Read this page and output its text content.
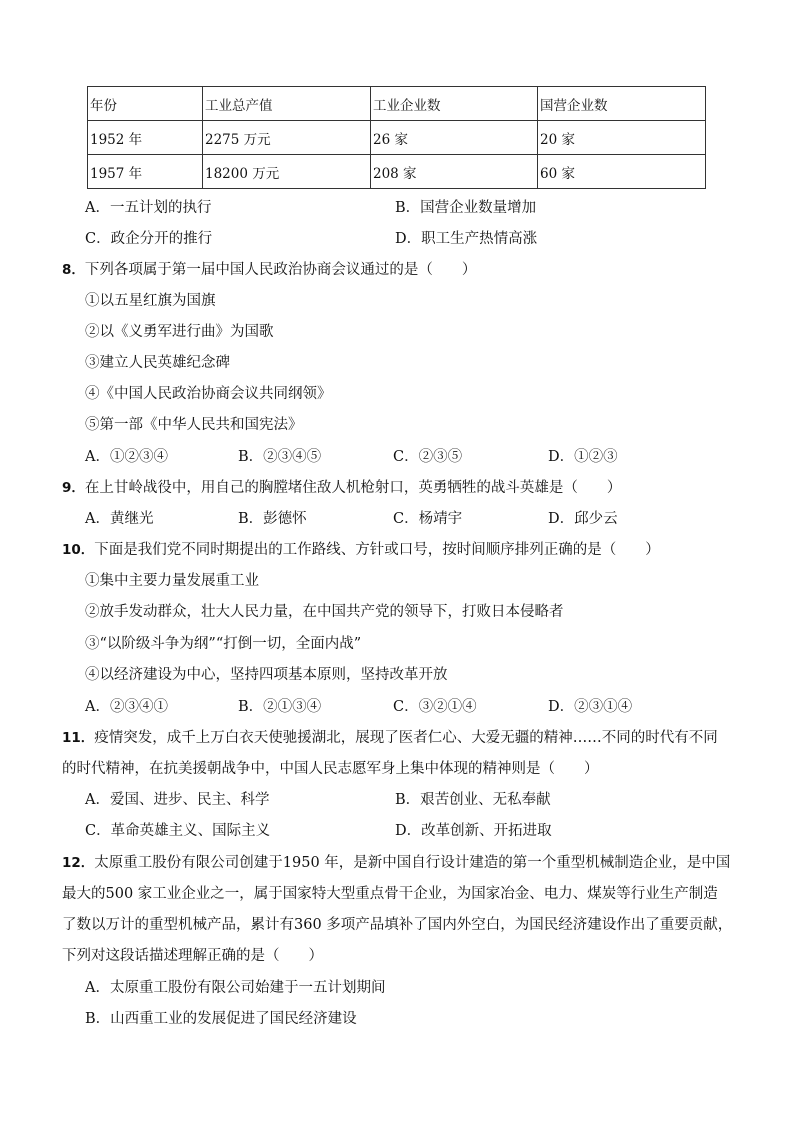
年份	工业总产值	工业企业数	国营企业数
1952 年	2275 万元	26 家	20 家
1957 年	18200 万元	208 家	60 家
A．一五计划的执行	B．国营企业数量增加
C．政企分开的推行	D．职工生产热情高涨
8．下列各项属于第一届中国人民政治协商会议通过的是（　　）
①以五星红旗为国旗
②以《义勇军进行曲》为国歌
③建立人民英雄纪念碑
④《中国人民政治协商会议共同纲领》
⑤第一部《中华人民共和国宪法》
A．①②③④	B．②③④⑤	C．②③⑤	D．①②③
9．在上甘岭战役中，用自己的胸膛堵住敌人机枪射口，英勇牺牲的战斗英雄是（　　）
A．黄继光	B．彭德怀	C．杨靖宇	D．邱少云
10．下面是我们党不同时期提出的工作路线、方针或口号，按时间顺序排列正确的是（　　）
①集中主要力量发展重工业
②放手发动群众，壮大人民力量，在中国共产党的领导下，打败日本侵略者
③“以阶级斗争为纲”“打倒一切，全面内战”
④以经济建设为中心，坚持四项基本原则，坚持改革开放
A．②③④①	B．②①③④	C．③②①④	D．②③①④
11．疫情突发，成千上万白衣天使驰援湖北，展现了医者仁心、大爱无疆的精神……不同的时代有不同
的时代精神，在抗美援朝战争中，中国人民志愿军身上集中体现的精神则是（　　）
A．爱国、进步、民主、科学	B．艰苦创业、无私奉献
C．革命英雄主义、国际主义	D．改革创新、开拓进取
12．太原重工股份有限公司创建于1950 年，是新中国自行设计建造的第一个重型机械制造企业，是中国
最大的500 家工业企业之一，属于国家特大型重点骨干企业，为国家冶金、电力、煤炭等行业生产制造
了数以万计的重型机械产品，累计有360 多项产品填补了国内外空白，为国民经济建设作出了重要贡献，
下列对这段话描述理解正确的是（　　）
A．太原重工股份有限公司始建于一五计划期间
B．山西重工业的发展促进了国民经济建设
